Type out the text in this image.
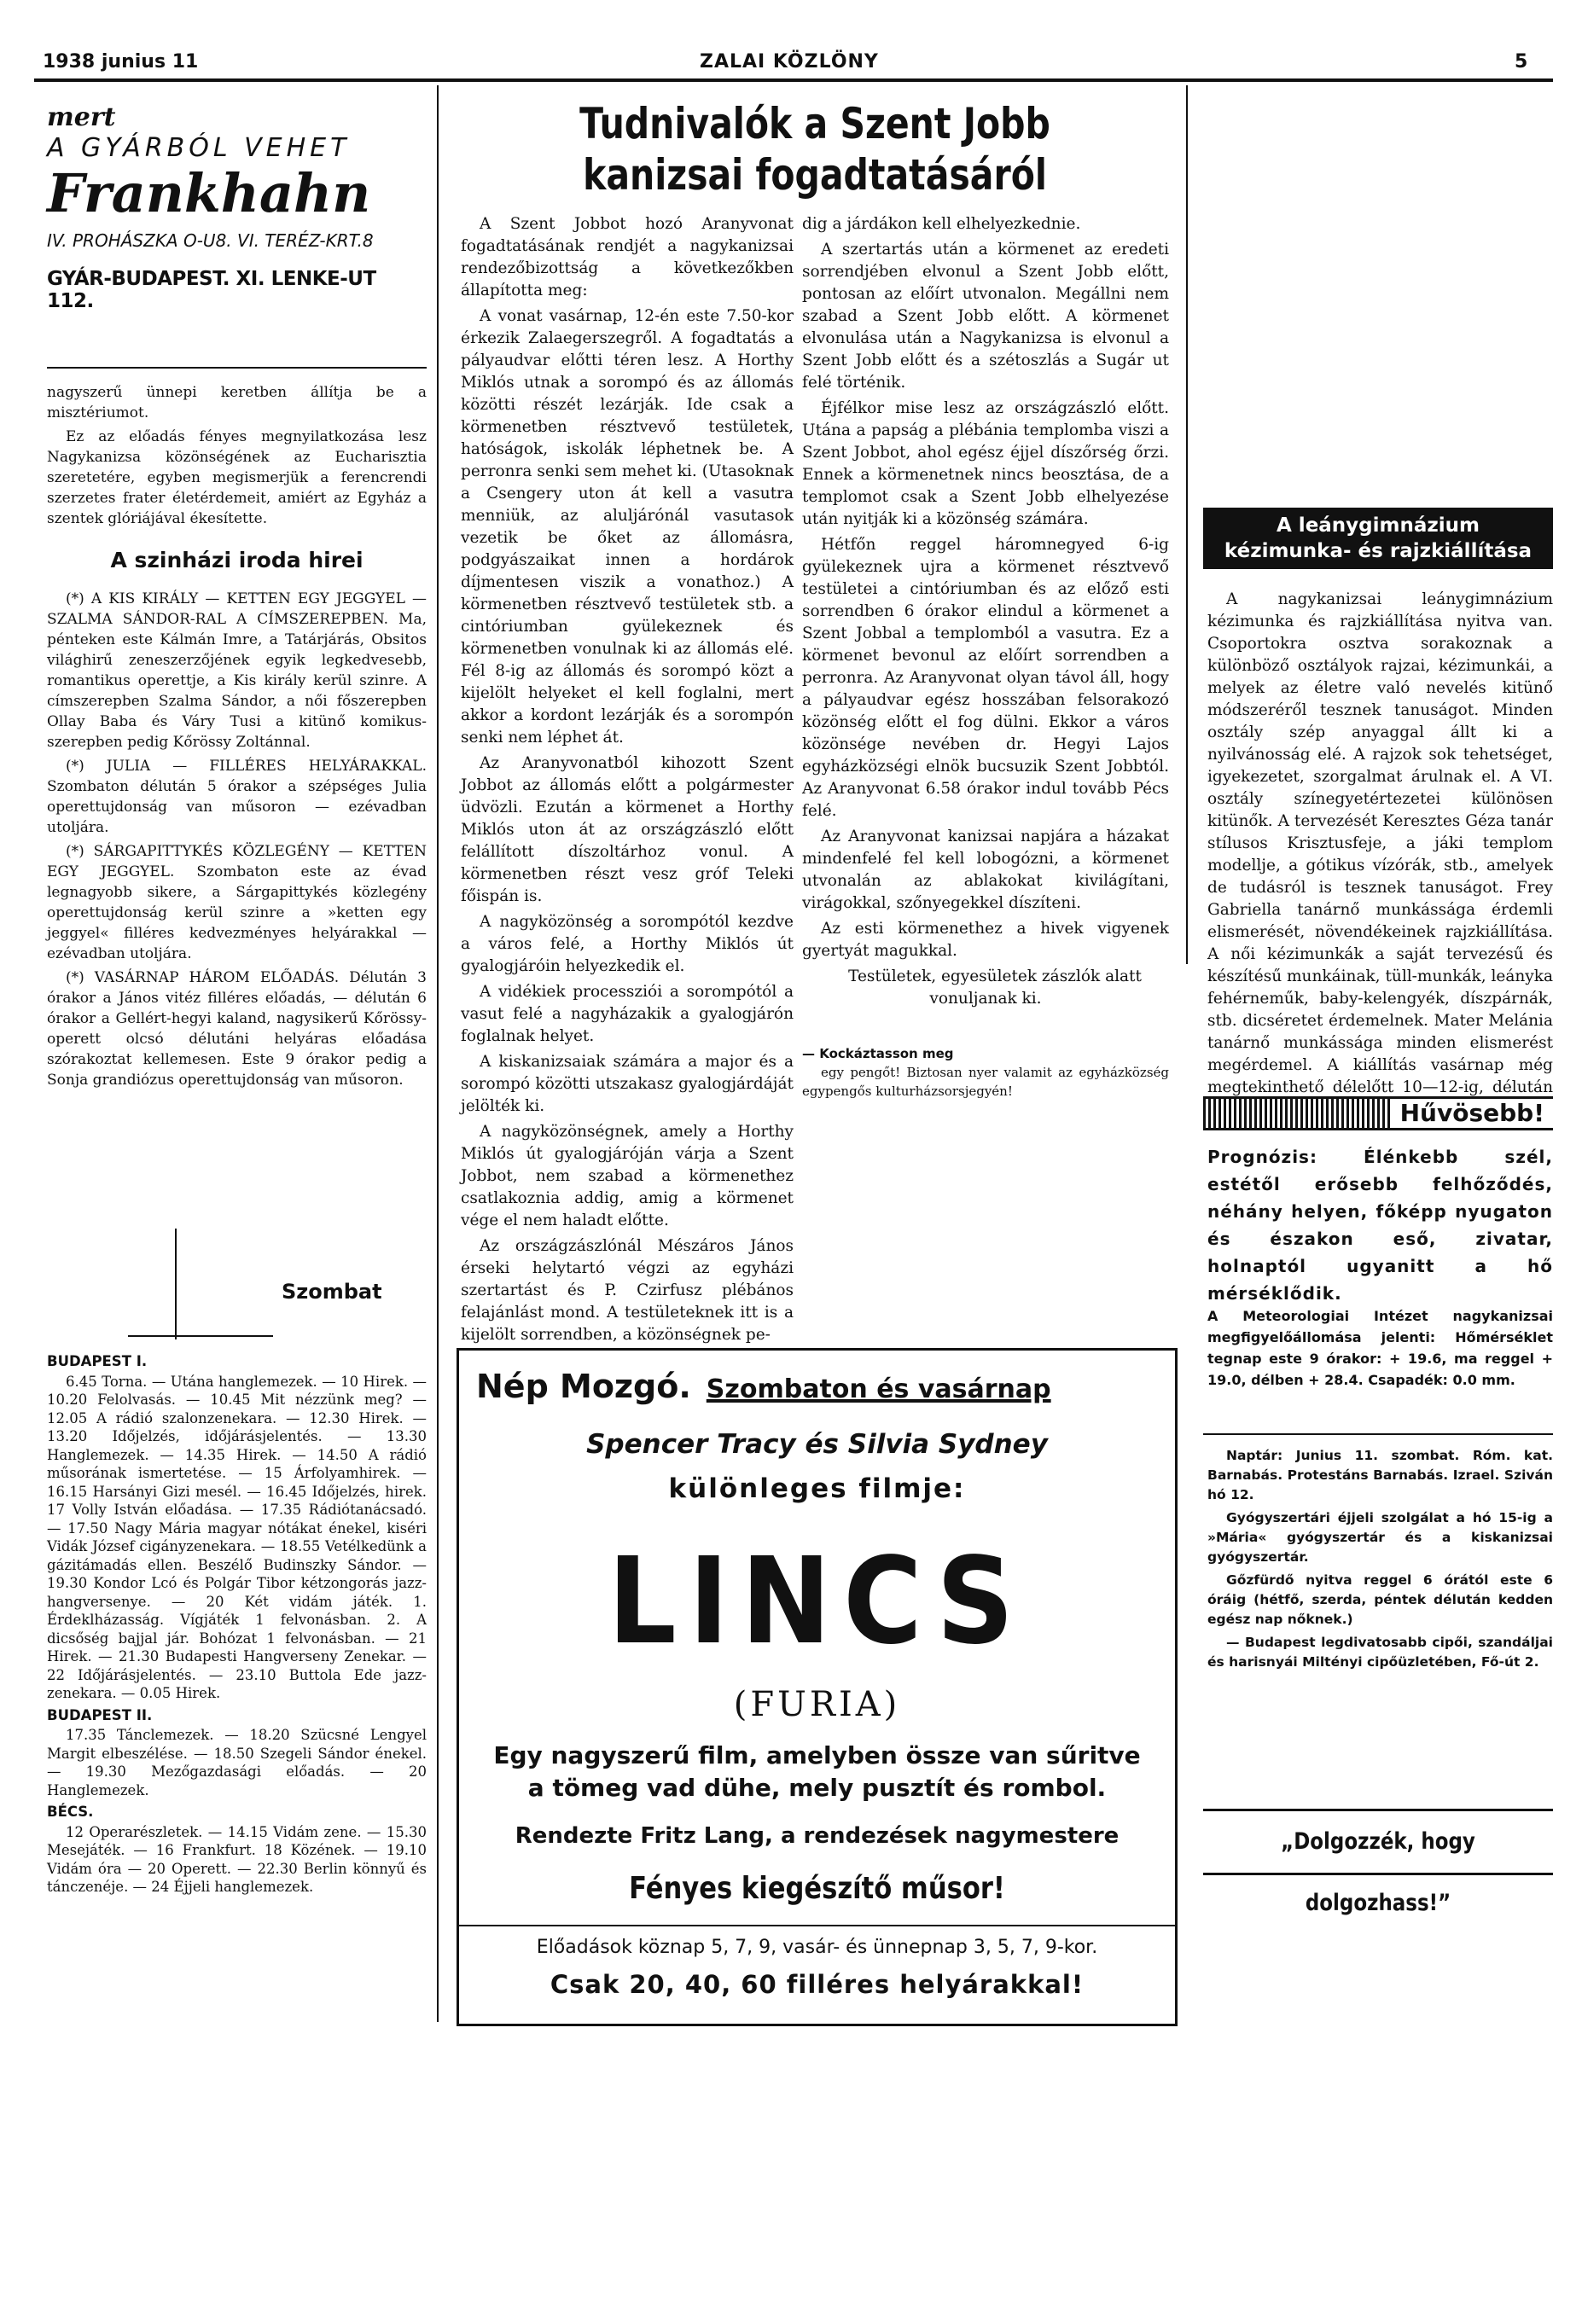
1938 junius 11	ZALAI KÖZLÖNY	5
mert
A GYÁRBÓL VEHET
Frankhahn
IV. PROHÁSZKA O-U8. VI. TERÉZ-KRT.8
GYÁR-BUDAPEST. XI. LENKE-UT 112.

nagyszerű ünnepi keretben állítja be a misztériumot.

Ez az előadás fényes megnyilatkozása lesz Nagykanizsa közönségének az Eucharisztia szeretetére, egyben megismerjük a ferencrendi szerzetes frater életérdemeit, amiért az Egyház a szentek glóriájával ékesítette.

A szinházi iroda hirei

(*) A KIS KIRÁLY — KETTEN EGY JEGGYEL — SZALMA SÁNDOR-RAL A CÍMSZEREPBEN. Ma, pénteken este Kálmán Imre, a Tatárjárás, Obsitos világhirű zeneszerzőjének egyik legkedvesebb, romantikus operettje, a Kis király kerül szinre. A címszerepben Szalma Sándor, a női főszerepben Ollay Baba és Váry Tusi a kitünő komikus-szerepben pedig Kőrössy Zoltánnal.

(*) JULIA — FILLÉRES HELYÁRAKKAL. Szombaton délután 5 órakor a szépséges Julia operettujdonság van műsoron — ezévadban utoljára.

(*) SÁRGAPITTYKÉS KÖZLEGÉNY — KETTEN EGY JEGGYEL. Szombaton este az évad legnagyobb sikere, a Sárgapittykés közlegény operettujdonság kerül szinre a »ketten egy jeggyel« filléres kedvezményes helyárakkal — ezévadban utoljára.

(*) VASÁRNAP HÁROM ELŐADÁS. Délután 3 órakor a János vitéz filléres előadás, — délután 6 órakor a Gellért-hegyi kaland, nagysikerű Kőrössy-operett olcsó délutáni helyáras előadása szórakoztat kellemesen. Este 9 órakor pedig a Sonja grandiózus operettujdonság van műsoron.

Szombat

BUDAPEST I.

6.45 Torna. — Utána hanglemezek. — 10 Hirek. — 10.20 Felolvasás. — 10.45 Mit nézzünk meg? — 12.05 A rádió szalonzenekara. — 12.30 Hirek. — 13.20 Időjelzés, időjárásjelentés. — 13.30 Hanglemezek. — 14.35 Hirek. — 14.50 A rádió műsorának ismertetése. — 15 Árfolyamhirek. — 16.15 Harsányi Gizi mesél. — 16.45 Időjelzés, hirek. 17 Volly István előadása. — 17.35 Rádiótanácsadó. — 17.50 Nagy Mária magyar nótákat énekel, kiséri Vidák József cigányzenekara. — 18.55 Vetélkedünk a gázitámadás ellen. Beszélő Budinszky Sándor. — 19.30 Kondor Lcó és Polgár Tibor kétzongorás jazz-hangversenye. — 20 Két vidám játék. 1. Érdeklházasság. Vígjáték 1 felvonásban. 2. A dicsőség bajjal jár. Bohózat 1 felvonásban. — 21 Hirek. — 21.30 Budapesti Hangverseny Zenekar. — 22 Időjárásjelentés. — 23.10 Buttola Ede jazz-zenekara. — 0.05 Hirek.

BUDAPEST II.

17.35 Tánclemezek. — 18.20 Szücsné Lengyel Margit elbeszélése. — 18.50 Szegeli Sándor énekel. — 19.30 Mezőgazdasági előadás. — 20 Hanglemezek.

BÉCS.

12 Operarészletek. — 14.15 Vidám zene. — 15.30 Mesejáték. — 16 Frankfurt. 18 Közének. — 19.10 Vidám óra — 20 Operett. — 22.30 Berlin könnyű és tánczenéje. — 24 Éjjeli hanglemezek.

Tudnivalók a Szent Jobb kanizsai fogadtatásáról

A Szent Jobbot hozó Aranyvonat fogadtatásának rendjét a nagykanizsai rendezőbizottság a következőkben állapította meg:

A vonat vasárnap, 12-én este 7.50-kor érkezik Zalaegerszegről. A fogadtatás a pályaudvar előtti téren lesz. A Horthy Miklós utnak a sorompó és az állomás közötti részét lezárják. Ide csak a körmenetben résztvevő testületek, hatóságok, iskolák léphetnek be. A perronra senki sem mehet ki. (Utasoknak a Csengery uton át kell a vasutra menniük, az aluljárónál vasutasok vezetik be őket az állomásra, podgyászaikat innen a hordárok díjmentesen viszik a vonathoz.) A körmenetben résztvevő testületek stb. a cintóriumban gyülekeznek és körmenetben vonulnak ki az állomás elé. Fél 8-ig az állomás és sorompó közt a kijelölt helyeket el kell foglalni, mert akkor a kordont lezárják és a sorompón senki nem léphet át.

Az Aranyvonatból kihozott Szent Jobbot az állomás előtt a polgármester üdvözli. Ezután a körmenet a Horthy Miklós uton át az országzászló előtt felállított díszoltárhoz vonul. A körmenetben részt vesz gróf Teleki főispán is.

A nagyközönség a sorompótól kezdve a város felé, a Horthy Miklós út gyalogjáróin helyezkedik el.

A vidékiek processziói a sorompótól a vasut felé a nagyházakik a gyalogjárón foglalnak helyet.

A kiskanizsaiak számára a major és a sorompó közötti utszakasz gyalogjárdáját jelölték ki.

A nagyközönségnek, amely a Horthy Miklós út gyalogjáróján várja a Szent Jobbot, nem szabad a körmenethez csatlakoznia addig, amig a körmenet vége el nem haladt előtte.

Az országzászlónál Mészáros János érseki helytartó végzi az egyházi szertartást és P. Czirfusz plébános felajánlást mond. A testületeknek itt is a kijelölt sorrendben, a közönségnek pe-

dig a járdákon kell elhelyezkednie.

A szertartás után a körmenet az eredeti sorrendjében elvonul a Szent Jobb előtt, pontosan az előírt utvonalon. Megállni nem szabad a Szent Jobb előtt. A körmenet elvonulása után a Nagykanizsa is elvonul a Szent Jobb előtt és a szétoszlás a Sugár ut felé történik.

Éjfélkor mise lesz az országzászló előtt. Utána a papság a plébánia templomba viszi a Szent Jobbot, ahol egész éjjel díszőrség őrzi. Ennek a körmenetnek nincs beosztása, de a templomot csak a Szent Jobb elhelyezése után nyitják ki a közönség számára.

Hétfőn reggel háromnegyed 6-ig gyülekeznek ujra a körmenet résztvevő testületei a cintóriumban és az előző esti sorrendben 6 órakor elindul a körmenet a Szent Jobbal a templomból a vasutra. Ez a körmenet bevonul az előírt sorrendben a perronra. Az Aranyvonat olyan távol áll, hogy a pályaudvar egész hosszában felsorakozó közönség előtt el fog dülni. Ekkor a város közönsége nevében dr. Hegyi Lajos egyházközségi elnök bucsuzik Szent Jobbtól. Az Aranyvonat 6.58 órakor indul tovább Pécs felé.

Az Aranyvonat kanizsai napjára a házakat mindenfelé fel kell lobogózni, a körmenet utvonalán az ablakokat kivilágítani, virágokkal, szőnyegekkel díszíteni.

Az esti körmenethez a hivek vigyenek gyertyát magukkal.

Testületek, egyesületek zászlók alatt vonuljanak ki.

— Kockáztasson meg
egy pengőt! Biztosan nyer valamit az egyházközség egypengős kulturházsorsjegyén!
A leánygimnázium kézimunka- és rajzkiállítása
A nagykanizsai leánygimnázium kézimunka és rajzkiállítása nyitva van. Csoportokra osztva sorakoznak a különböző osztályok rajzai, kézimunkái, a melyek az életre való nevelés kitünő módszeréről tesznek tanuságot. Minden osztály szép anyaggal állt ki a nyilvánosság elé. A rajzok sok tehetséget, igyekezetet, szorgalmat árulnak el. A VI. osztály színegyetértezetei különösen kitünők. A tervezését Keresztes Géza tanár stílusos Krisztusfeje, a jáki templom modellje, a gótikus vízórák, stb., amelyek de tudásról is tesznek tanuságot. Frey Gabriella tanárnő munkássága érdemli elismerését, növendékeinek rajzkiállítása. A női kézimunkák a saját tervezésű és készítésű munkáinak, tüll-munkák, leányka fehérneműk, baby-kelengyék, díszpárnák, stb. dicséretet érdemelnek. Mater Melánia tanárnő munkássága minden elismerést megérdemel. A kiállítás vasárnap még megtekinthető délelőtt 10—12-ig, délután
Hűvösebb!
Prognózis: Élénkebb szél, estétől erősebb felhőződés, néhány helyen, főképp nyugaton és északon eső, zivatar, holnaptól ugyanitt a hő mérséklődik.
A Meteorologiai Intézet nagykanizsai megfigyelőállomása jelenti: Hőmérséklet tegnap este 9 órakor: + 19.6, ma reggel + 19.0, délben + 28.4. Csapadék: 0.0 mm.

Naptár: Junius 11. szombat. Róm. kat. Barnabás. Protestáns Barnabás. Izrael. Sziván hó 12.

Gyógyszertári éjjeli szolgálat a hó 15-ig a »Mária« gyógyszertár és a kiskanizsai gyógyszertár.

Gőzfürdő nyitva reggel 6 órától este 6 óráig (hétfő, szerda, péntek délután kedden egész nap nőknek.)

— Budapest legdivatosabb cipői, szandáljai és harisnyái Miltényi cipőüzletében, Fő-út 2.

„Dolgozzék, hogy dolgozhass!”
Nép Mozgó. Szombaton és vasárnap
Spencer Tracy és Silvia Sydney
különleges filmje:
LINCS
(FURIA)
Egy nagyszerű film, amelyben össze van sűritve a tömeg vad dühe, mely pusztít és rombol.
Rendezte Fritz Lang, a rendezések nagymestere
Fényes kiegészítő műsor!
Előadások köznap 5, 7, 9, vasár- és ünnepnap 3, 5, 7, 9-kor.
Csak 20, 40, 60 filléres helyárakkal!
